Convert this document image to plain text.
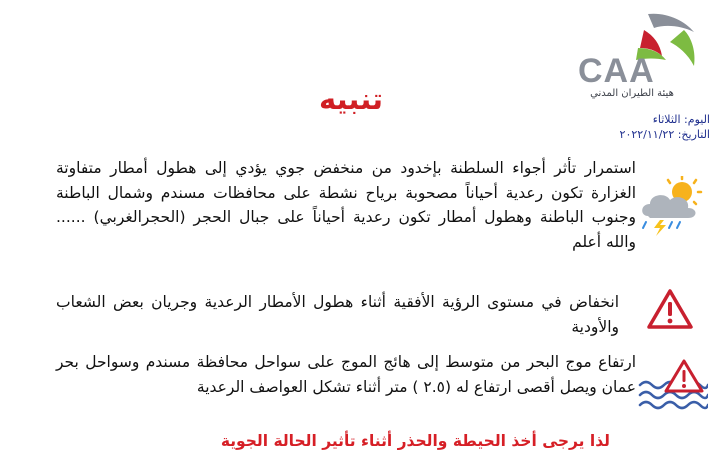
CAA
هيئة الطيران المدني
تنبيه
اليوم: الثلاثاء
التاريخ: ٢٠٢٢/١١/٢٢
استمرار تأثر أجواء السلطنة بإخدود من منخفض جوي يؤدي إلى هطول أمطار متفاوتة الغزارة تكون رعدية أحياناً مصحوبة برياح نشطة على محافظات مسندم وشمال الباطنة وجنوب الباطنة وهطول أمطار تكون رعدية أحياناً على جبال الحجر (الحجرالغربي) ...... والله أعلم
انخفاض في مستوى الرؤية الأفقية أثناء هطول الأمطار الرعدية وجريان بعض الشعاب والأودية
ارتفاع موج البحر من متوسط إلى هائج الموج على سواحل محافظة مسندم وسواحل بحر عمان ويصل أقصى ارتفاع له (٢.٥ ) متر أثناء تشكل العواصف الرعدية
لذا يرجى أخذ الحيطة والحذر أثناء تأثير الحالة الجوية
